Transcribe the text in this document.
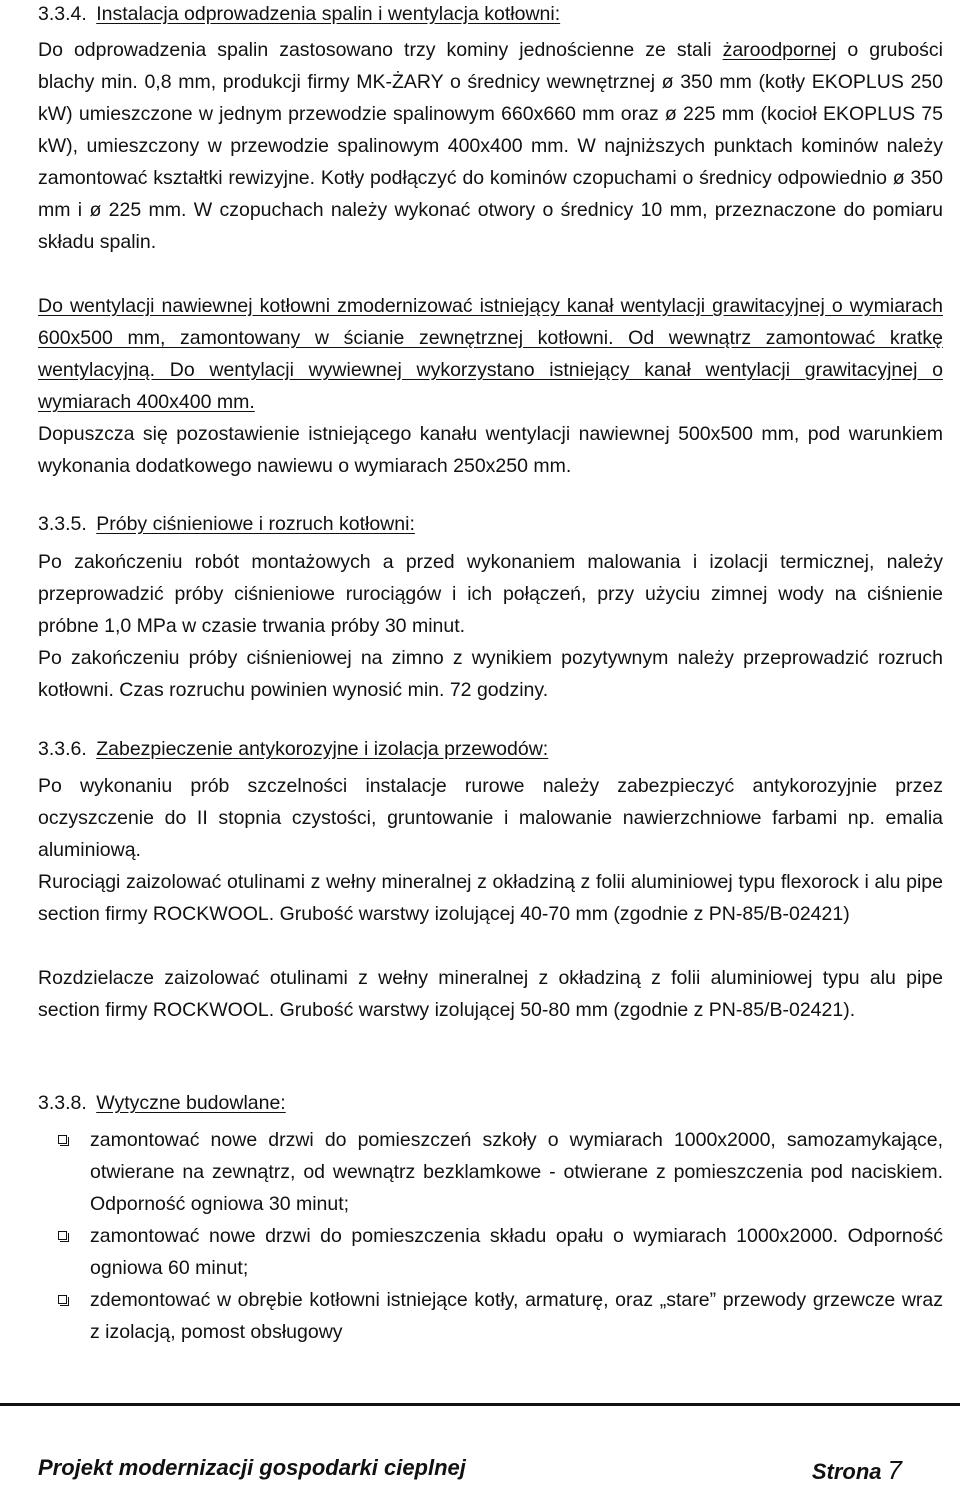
3.3.4. Instalacja odprowadzenia spalin i wentylacja kotłowni:

Do odprowadzenia spalin zastosowano trzy kominy jednościenne ze stali żaroodpornej o grubości blachy min. 0,8 mm, produkcji firmy MK-ŻARY o średnicy wewnętrznej ø 350 mm (kotły EKOPLUS 250 kW) umieszczone w jednym przewodzie spalinowym 660x660 mm oraz ø 225 mm (kocioł EKOPLUS 75 kW), umieszczony w przewodzie spalinowym 400x400 mm. W najniższych punktach kominów należy zamontować kształtki rewizyjne. Kotły podłączyć do kominów czopuchami o średnicy odpowiednio ø 350 mm i ø 225 mm. W czopuchach należy wykonać otwory o średnicy 10 mm, przeznaczone do pomiaru składu spalin.

Do wentylacji nawiewnej kotłowni zmodernizować istniejący kanał wentylacji grawitacyjnej o wymiarach 600x500 mm, zamontowany w ścianie zewnętrznej kotłowni. Od wewnątrz zamontować kratkę wentylacyjną. Do wentylacji wywiewnej wykorzystano istniejący kanał wentylacji grawitacyjnej o wymiarach 400x400 mm.

Dopuszcza się pozostawienie istniejącego kanału wentylacji nawiewnej 500x500 mm, pod warunkiem wykonania dodatkowego nawiewu o wymiarach 250x250 mm.

3.3.5. Próby ciśnieniowe i rozruch kotłowni:

Po zakończeniu robót montażowych a przed wykonaniem malowania i izolacji termicznej, należy przeprowadzić próby ciśnieniowe rurociągów i ich połączeń, przy użyciu zimnej wody na ciśnienie próbne 1,0 MPa w czasie trwania próby 30 minut.

Po zakończeniu próby ciśnieniowej na zimno z wynikiem pozytywnym należy przeprowadzić rozruch kotłowni. Czas rozruchu powinien wynosić min. 72 godziny.

3.3.6. Zabezpieczenie antykorozyjne i izolacja przewodów:

Po wykonaniu prób szczelności instalacje rurowe należy zabezpieczyć antykorozyjnie przez oczyszczenie do II stopnia czystości, gruntowanie i malowanie nawierzchniowe farbami np. emalia aluminiową.

Rurociągi zaizolować otulinami z wełny mineralnej z okładziną z folii aluminiowej typu flexorock i alu pipe section firmy ROCKWOOL. Grubość warstwy izolującej 40-70 mm (zgodnie z PN-85/B-02421)

Rozdzielacze zaizolować otulinami z wełny mineralnej z okładziną z folii aluminiowej typu alu pipe section firmy ROCKWOOL. Grubość warstwy izolującej 50-80 mm (zgodnie z PN-85/B-02421).

3.3.8. Wytyczne budowlane:
zamontować nowe drzwi do pomieszczeń szkoły o wymiarach 1000x2000, samozamykające, otwierane na zewnątrz, od wewnątrz bezklamkowe - otwierane z pomieszczenia pod naciskiem. Odporność ogniowa 30 minut;
zamontować nowe drzwi do pomieszczenia składu opału o wymiarach 1000x2000. Odporność ogniowa 60 minut;
zdemontować w obrębie kotłowni istniejące kotły, armaturę, oraz „stare” przewody grzewcze wraz z izolacją, pomost obsługowy
Projekt modernizacji gospodarki cieplnej	Strona 7
